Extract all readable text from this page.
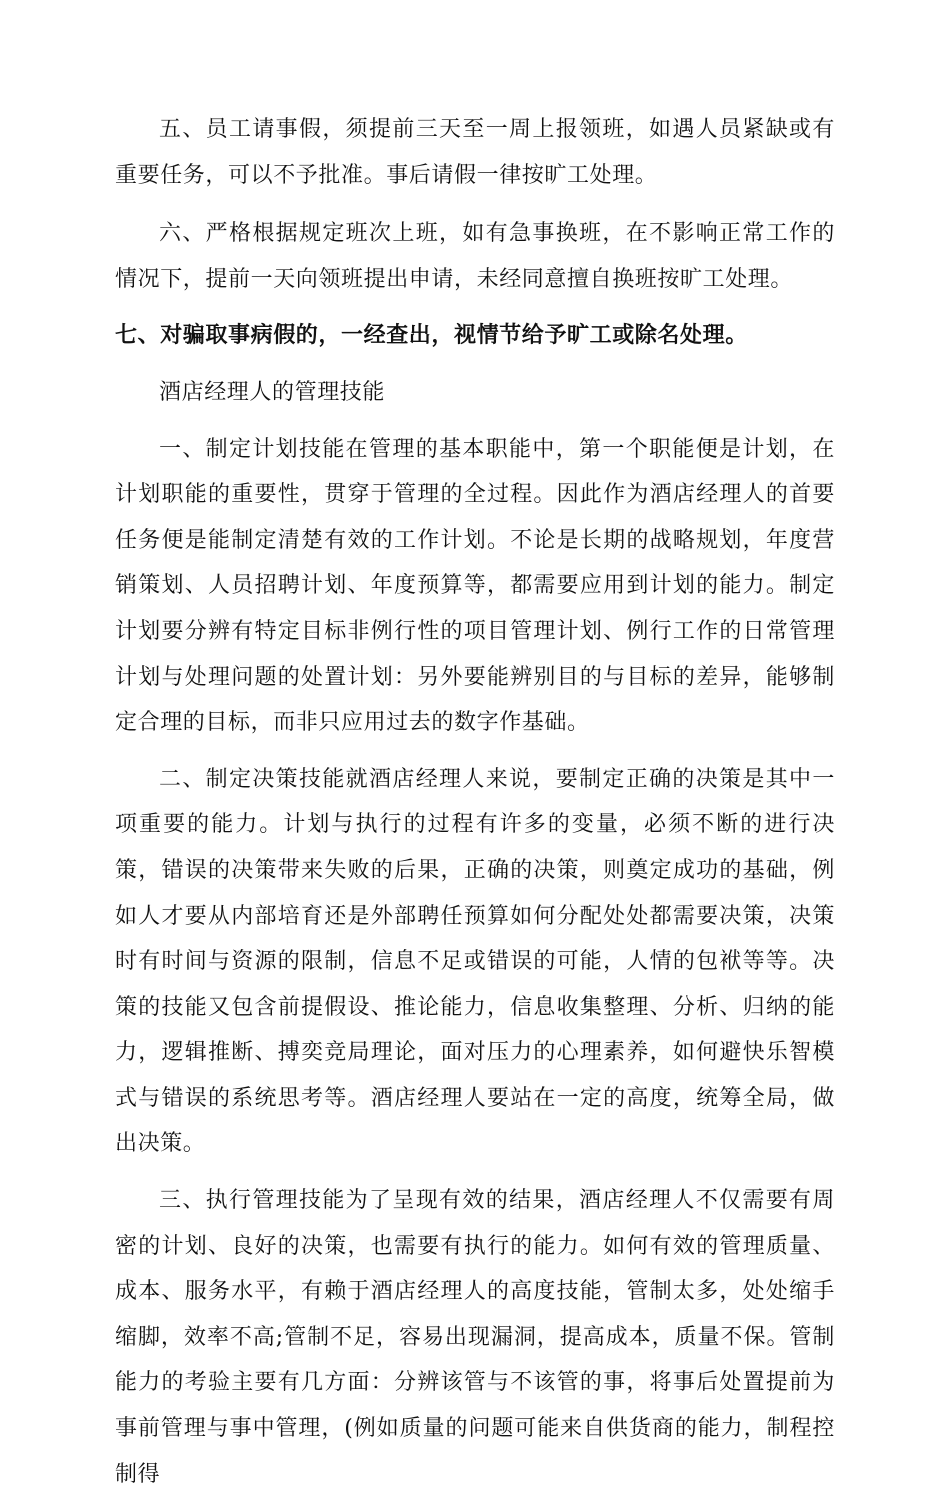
五、员工请事假，须提前三天至一周上报领班，如遇人员紧缺或有重要任务，可以不予批准。事后请假一律按旷工处理。

六、严格根据规定班次上班，如有急事换班，在不影响正常工作的情况下，提前一天向领班提出申请，未经同意擅自换班按旷工处理。

七、对骗取事病假的，一经查出，视情节给予旷工或除名处理。

酒店经理人的管理技能

一、制定计划技能在管理的基本职能中，第一个职能便是计划，在计划职能的重要性，贯穿于管理的全过程。因此作为酒店经理人的首要任务便是能制定清楚有效的工作计划。不论是长期的战略规划，年度营销策划、人员招聘计划、年度预算等，都需要应用到计划的能力。制定计划要分辨有特定目标非例行性的项目管理计划、例行工作的日常管理计划与处理问题的处置计划：另外要能辨别目的与目标的差异，能够制定合理的目标，而非只应用过去的数字作基础。

二、制定决策技能就酒店经理人来说，要制定正确的决策是其中一项重要的能力。计划与执行的过程有许多的变量，必须不断的进行决策，错误的决策带来失败的后果，正确的决策，则奠定成功的基础，例如人才要从内部培育还是外部聘任预算如何分配处处都需要决策，决策时有时间与资源的限制，信息不足或错误的可能，人情的包袱等等。决策的技能又包含前提假设、推论能力，信息收集整理、分析、归纳的能力，逻辑推断、搏奕竞局理论，面对压力的心理素养，如何避快乐智模式与错误的系统思考等。酒店经理人要站在一定的高度，统筹全局，做出决策。

三、执行管理技能为了呈现有效的结果，酒店经理人不仅需要有周密的计划、良好的决策，也需要有执行的能力。如何有效的管理质量、成本、服务水平，有赖于酒店经理人的高度技能，管制太多，处处缩手缩脚，效率不高;管制不足，容易出现漏洞，提高成本，质量不保。管制能力的考验主要有几方面：分辨该管与不该管的事，将事后处置提前为事前管理与事中管理，(例如质量的问题可能来自供货商的能力，制程控制得
